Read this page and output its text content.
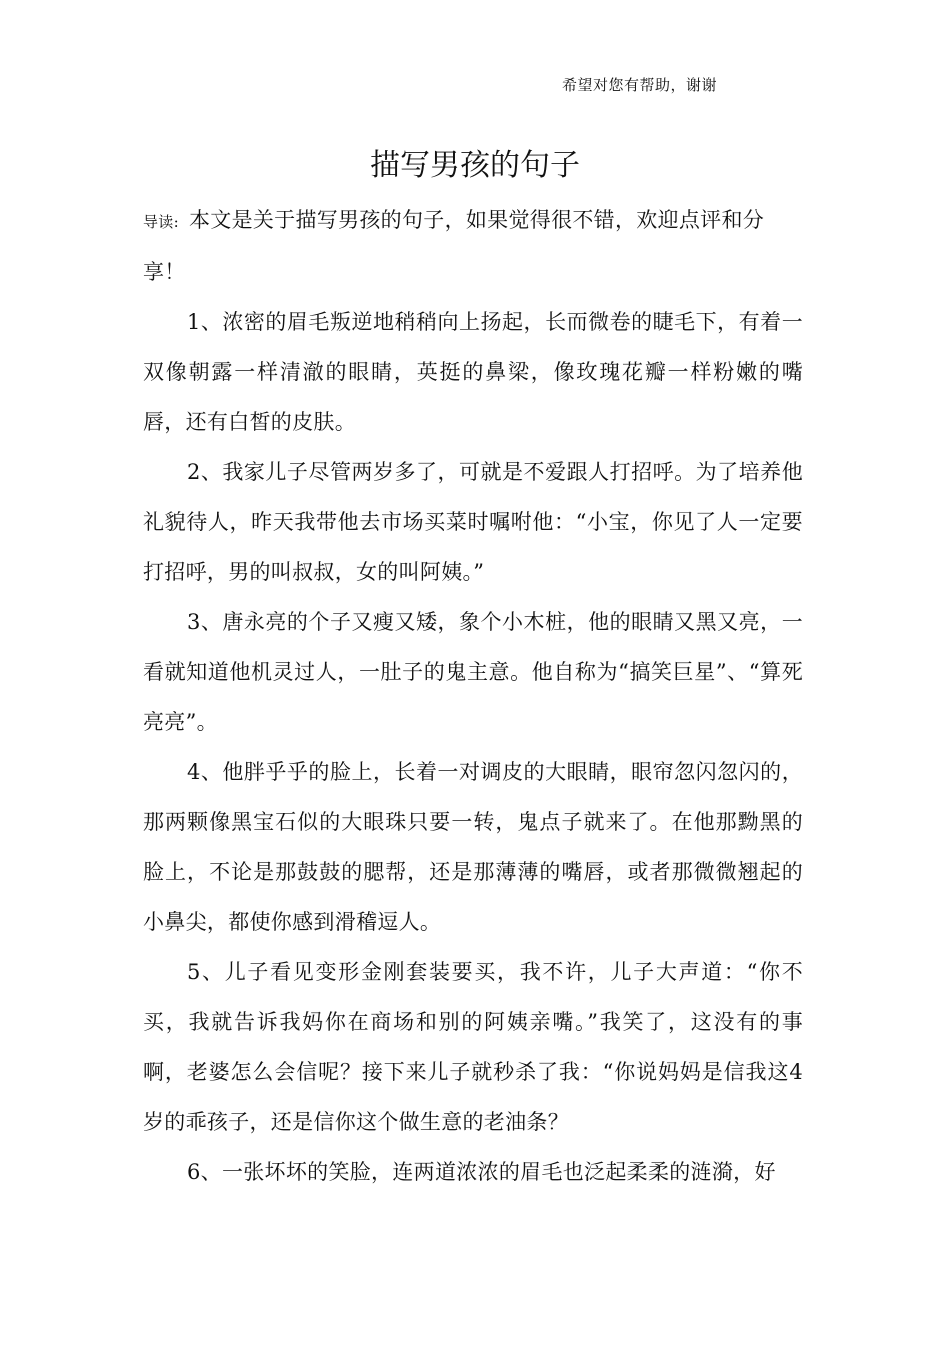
希望对您有帮助，谢谢
描写男孩的句子

导读: 本文是关于描写男孩的句子，如果觉得很不错，欢迎点评和分享！

1、浓密的眉毛叛逆地稍稍向上扬起，长而微卷的睫毛下，有着一双像朝露一样清澈的眼睛，英挺的鼻梁，像玫瑰花瓣一样粉嫩的嘴唇，还有白皙的皮肤。

2、我家儿子尽管两岁多了，可就是不爱跟人打招呼。为了培养他礼貌待人，昨天我带他去市场买菜时嘱咐他：“小宝，你见了人一定要打招呼，男的叫叔叔，女的叫阿姨。”

3、唐永亮的个子又瘦又矮，象个小木桩，他的眼睛又黑又亮，一看就知道他机灵过人，一肚子的鬼主意。他自称为“搞笑巨星”、“算死亮亮”。

4、他胖乎乎的脸上，长着一对调皮的大眼睛，眼帘忽闪忽闪的，那两颗像黑宝石似的大眼珠只要一转，鬼点子就来了。在他那黝黑的脸上，不论是那鼓鼓的腮帮，还是那薄薄的嘴唇，或者那微微翘起的小鼻尖，都使你感到滑稽逗人。

5、儿子看见变形金刚套装要买，我不许，儿子大声道：“你不买，我就告诉我妈你在商场和别的阿姨亲嘴。”我笑了，这没有的事啊，老婆怎么会信呢？接下来儿子就秒杀了我：“你说妈妈是信我这4岁的乖孩子，还是信你这个做生意的老油条？

6、一张坏坏的笑脸，连两道浓浓的眉毛也泛起柔柔的涟漪，好
